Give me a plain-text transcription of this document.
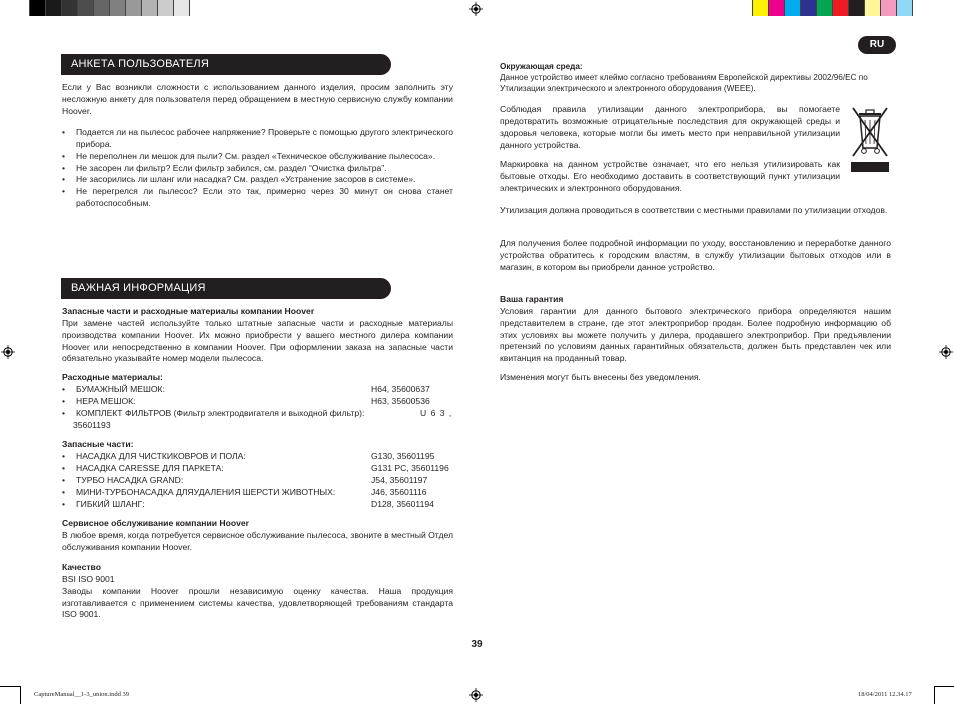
RU
АНКЕТА ПОЛЬЗОВАТЕЛЯ
Если у Вас возникли сложности с использованием данного изделия, просим заполнить эту несложную анкету для пользователя перед обращением в местную сервисную службу компании Hoover.
• Подается ли на пылесос рабочее напряжение? Проверьте с помощью другого электрического прибора.
• Не переполнен ли мешок для пыли? См. раздел «Техническое обслуживание пылесоса».
• Не засорен ли фильтр? Если фильтр забился, см. раздел “Очистка фильтра”.
• Не засорились ли шланг или насадка? См. раздел «Устранение засоров в системе».
• Не перегрелся ли пылесос? Если это так, примерно через 30 минут он снова станет работоспособным.
ВАЖНАЯ ИНФОРМАЦИЯ
Запасные части и расходные материалы компании Hoover
При замене частей используйте только штатные запасные части и расходные материалы производства компании Hoover. Их можно приобрести у вашего местного дилера компании Hoover или непосредственно в компании Hoover. При оформлении заказа на запасные части обязательно указывайте номер модели пылесоса.
Расходные материалы:
• БУМАЖНЫЙ МЕШОК:	H64, 35600637
• HEPA МЕШОК:	H63, 35600536
• КОМПЛЕКТ ФИЛЬТРОВ (Фильтр электродвигателя и выходной фильтр):	U 6 3 ,
35601193
Запасные части:
• НАСАДКА ДЛЯ ЧИСТКИКОВРОВ И ПОЛА:	G130, 35601195
• НАСАДКА CARESSE ДЛЯ ПАРКЕТА:	G131 PC, 35601196
• ТУРБО НАСАДКА GRAND:	J54, 35601197
• МИНИ-ТУРБОНАСАДКА ДЛЯУДАЛЕНИЯ ШЕРСТИ ЖИВОТНЫХ:	J46, 35601116
• ГИБКИЙ ШЛАНГ:	D128, 35601194
Сервисное обслуживание компании Hoover
В любое время, когда потребуется сервисное обслуживание пылесоса, звоните в местный Отдел обслуживания компании Hoover.
Качество
BSI ISO 9001
Заводы компании Hoover прошли независимую оценку качества. Наша продукция изготавливается с применением системы качества, удовлетворяющей требованиям стандарта ISO 9001.
Окружающая среда:
Данное устройство имеет клеймо согласно требованиям Европейской директивы 2002/96/EC по Утилизации электрического и электронного оборудования (WEEE).
Соблюдая правила утилизации данного электроприбора, вы помогаете предотвратить возможные отрицательные последствия для окружающей среды и здоровья человека, которые могли бы иметь место при неправильной утилизации данного устройства.
Маркировка на данном устройстве означает, что его нельзя утилизировать как бытовые отходы. Его необходимо доставить в соответствующий пункт утилизации электрических и электронного оборудования.
Утилизация должна проводиться в соответствии с местными правилами по утилизации отходов.
Для получения более подробной информации по уходу, восстановлению и переработке данного устройства обратитесь к городским властям, в службу утилизации бытовых отходов или в магазин, в котором вы приобрели данное устройство.
Ваша гарантия
Условия гарантии для данного бытового электрического прибора определяются нашим представителем в стране, где этот электроприбор продан. Более подробную информацию об этих условиях вы можете получить у дилера, продавшего электроприбор. При предъявлении претензий по условиям данных гарантийных обязательств, должен быть представлен чек или квитанция на проданный товар.
Изменения могут быть внесены без уведомления.
39
CaptureManual__1-3_union.indd 39	18/04/2011 12.34.17
